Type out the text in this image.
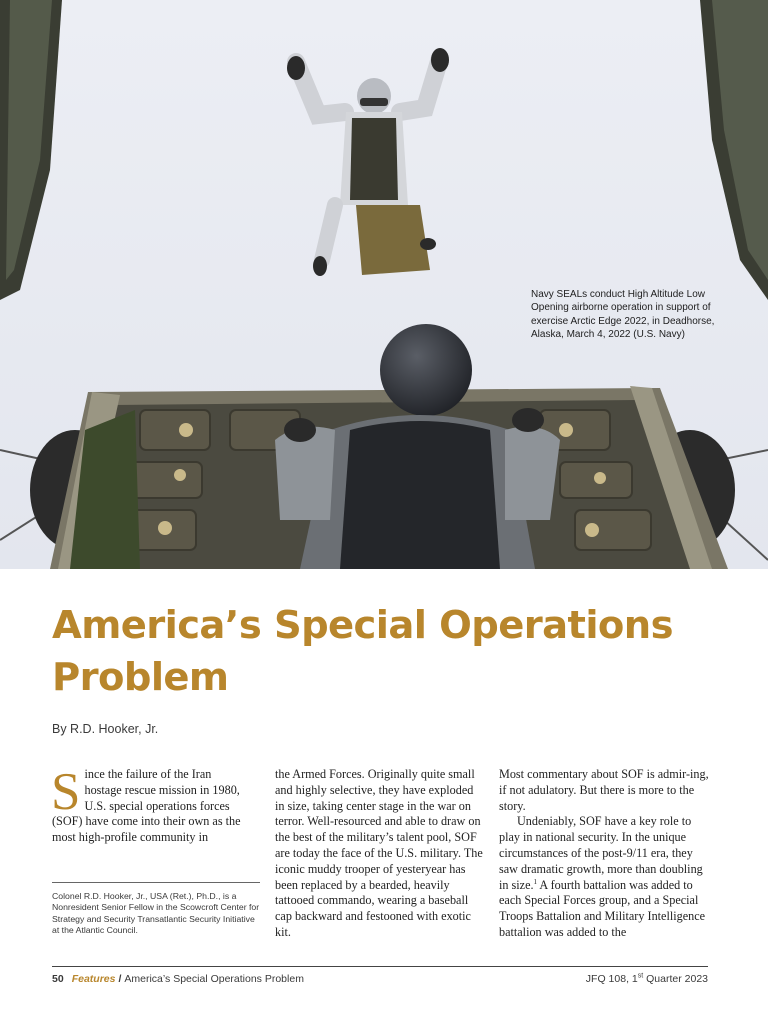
Navy SEALs conduct High Altitude Low Opening airborne operation in support of exercise Arctic Edge 2022, in Deadhorse, Alaska, March 4, 2022 (U.S. Navy)
America’s Special Operations
Problem
By R.D. Hooker, Jr.

Since the failure of the Iran hostage rescue mission in 1980, U.S. special operations forces (SOF) have come into their own as the most high-profile community in

Colonel R.D. Hooker, Jr., USA (Ret.), Ph.D., is a Nonresident Senior Fellow in the Scowcroft Center for Strategy and Security Transatlantic Security Initiative at the Atlantic Council.

the Armed Forces. Originally quite small and highly selective, they have exploded in size, taking center stage in the war on terror. Well-resourced and able to draw on the best of the military’s talent pool, SOF are today the face of the U.S. military. The iconic muddy trooper of yesteryear has been replaced by a bearded, heavily tattooed commando, wearing a baseball cap backward and festooned with exotic kit.

Most commentary about SOF is admir-ing, if not adulatory. But there is more to the story.

Undeniably, SOF have a key role to play in national security. In the unique circumstances of the post-9/11 era, they saw dramatic growth, more than doubling in size.$^1$ A fourth battalion was added to each Special Forces group, and a Special Troops Battalion and Military Intelligence battalion was added to the

50 Features / America’s Special Operations Problem	JFQ 108, 1st Quarter 2023
